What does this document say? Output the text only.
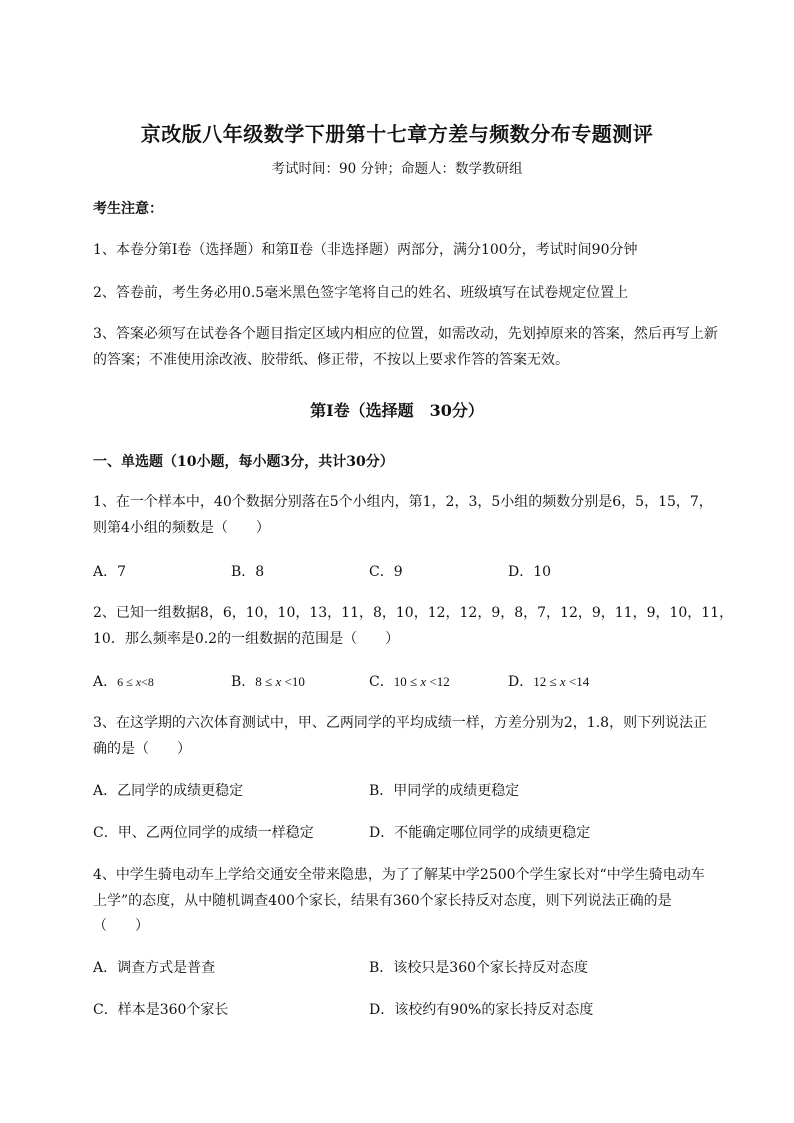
京改版八年级数学下册第十七章方差与频数分布专题测评
考试时间：90 分钟；命题人：数学教研组
考生注意：
1、本卷分第Ⅰ卷（选择题）和第Ⅱ卷（非选择题）两部分，满分100分，考试时间90分钟
2、答卷前，考生务必用0.5毫米黑色签字笔将自己的姓名、班级填写在试卷规定位置上
3、答案必须写在试卷各个题目指定区域内相应的位置，如需改动，先划掉原来的答案，然后再写上新
的答案；不准使用涂改液、胶带纸、修正带，不按以上要求作答的答案无效。
第Ⅰ卷（选择题　30分）
一、单选题（10小题，每小题3分，共计30分）
1、在一个样本中，40个数据分别落在5个小组内，第1，2，3，5小组的频数分别是6，5，15，7，
则第4小组的频数是（　　）
A．7	B．8	C．9	D．10
2、已知一组数据8，6，10，10，13，11，8，10，12，12，9，8，7，12，9，11，9，10，11，
10．那么频率是0.2的一组数据的范围是（　　）
A．6 ≤ x<8	B．8 ≤ x <10	C．10 ≤ x <12	D．12 ≤ x <14
3、在这学期的六次体育测试中，甲、乙两同学的平均成绩一样，方差分别为2，1.8，则下列说法正
确的是（　　）
A．乙同学的成绩更稳定	B．甲同学的成绩更稳定
C．甲、乙两位同学的成绩一样稳定	D．不能确定哪位同学的成绩更稳定
4、中学生骑电动车上学给交通安全带来隐患，为了了解某中学2500个学生家长对“中学生骑电动车
上学”的态度，从中随机调查400个家长，结果有360个家长持反对态度，则下列说法正确的是
（　　）
A．调查方式是普查	B．该校只是360个家长持反对态度
C．样本是360个家长	D．该校约有90%的家长持反对态度
